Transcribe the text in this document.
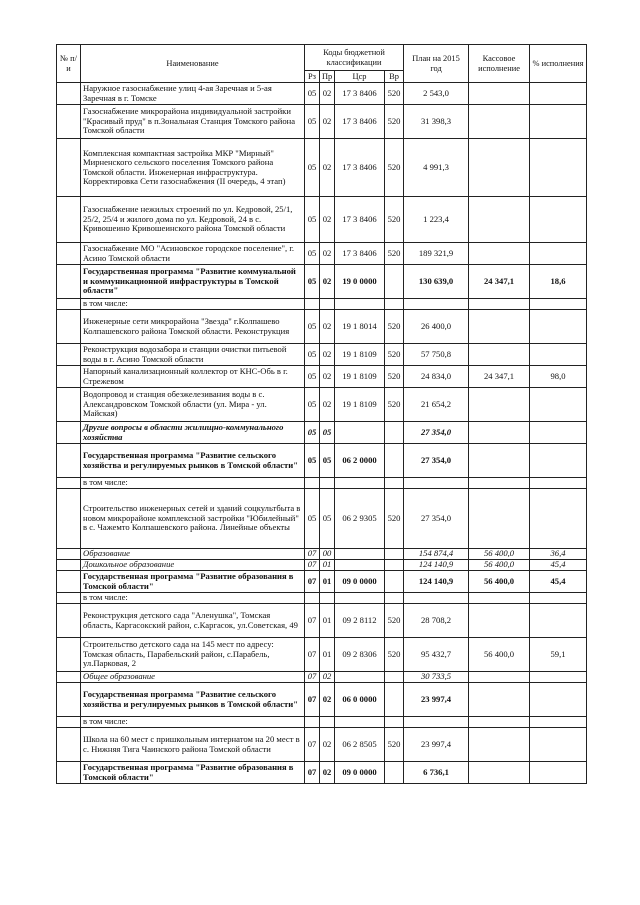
№ п/и	Наименование	Коды бюджетной классификации				План на 2015 год	Кассовое исполнение	% исполнения
		Рз	Пр	Цср	Вр			
	Наружное газоснабжение улиц 4-ая Заречная и 5-ая Заречная в г. Томске	05	02	17 3 8406	520	2 543,0		
	Газоснабжение микрорайона индивидуальной застройки "Красивый пруд" в п.Зональная Станция Томского района Томской области	05	02	17 3 8406	520	31 398,3		
	Комплексная компактная застройка МКР "Мирный" Мирненского сельского поселения Томского района Томской области. Инженерная инфраструктура. Корректировка Сети газоснабжения (II очередь, 4 этап)	05	02	17 3 8406	520	4 991,3		
	Газоснабжение нежилых строений по ул. Кедровой, 25/1, 25/2, 25/4 и жилого дома по ул. Кедровой, 24 в с. Кривошеино Кривошеинского района Томской области	05	02	17 3 8406	520	1 223,4		
	Газоснабжение МО "Асиновское городское поселение", г. Асино Томской области	05	02	17 3 8406	520	189 321,9		
	Государственная программа "Развитие коммунальной и коммуникационной инфраструктуры в Томской области"	05	02	19 0 0000		130 639,0	24 347,1	18,6
	в том числе:							
	Инженерные сети микрорайона "Звезда" г.Колпашево Колпашевского района Томской области. Реконструкция	05	02	19 1 8014	520	26 400,0		
	Реконструкция водозабора и станции очистки питьевой воды в г. Асино Томской области	05	02	19 1 8109	520	57 750,8		
	Напорный канализационный коллектор от КНС-Обь в г. Стрежевом	05	02	19 1 8109	520	24 834,0	24 347,1	98,0
	Водопровод и станция обезжелезивания воды в с. Александровском Томской области (ул. Мира - ул. Майская)	05	02	19 1 8109	520	21 654,2		
	Другие вопросы в области жилищно-коммунального хозяйства	05	05			27 354,0		
	Государственная программа "Развитие сельского хозяйства и регулируемых рынков в Томской области"	05	05	06 2 0000		27 354,0		
	в том числе:							
	Строительство инженерных сетей и зданий соцкультбыта в новом микрорайоне комплексной застройки "Юбилейный" в с. Чажемто Колпашевского района. Линейные объекты	05	05	06 2 9305	520	27 354,0		
	Образование	07	00			154 874,4	56 400,0	36,4
	Дошкольное образование	07	01			124 140,9	56 400,0	45,4
	Государственная программа "Развитие образования в Томской области"	07	01	09 0 0000		124 140,9	56 400,0	45,4
	в том числе:							
	Реконструкция детского сада "Аленушка", Томская область, Каргасокский район, с.Каргасок, ул.Советская, 49	07	01	09 2 8112	520	28 708,2		
	Строительство детского сада на 145 мест по адресу: Томская область, Парабельский район, с.Парабель, ул.Парковая, 2	07	01	09 2 8306	520	95 432,7	56 400,0	59,1
	Общее образование	07	02			30 733,5		
	Государственная программа "Развитие сельского хозяйства и регулируемых рынков в Томской области"	07	02	06 0 0000		23 997,4		
	в том числе:							
	Школа на 60 мест с пришкольным интернатом на 20 мест в с. Нижняя Тига Чаинского района Томской области	07	02	06 2 8505	520	23 997,4		
	Государственная программа "Развитие образования в Томской области"	07	02	09 0 0000		6 736,1		
